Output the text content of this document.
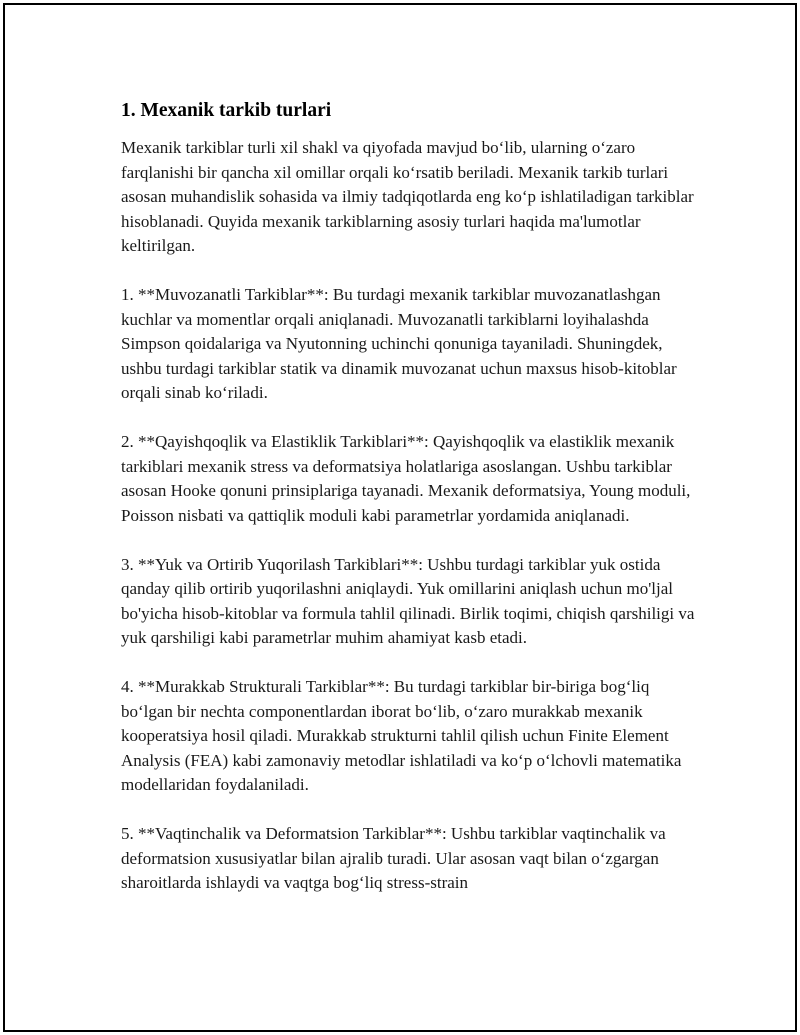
1. Mexanik tarkib turlari

Mexanik tarkiblar turli xil shakl va qiyofada mavjud bo‘lib, ularning o‘zaro farqlanishi bir qancha xil omillar orqali ko‘rsatib beriladi. Mexanik tarkib turlari asosan muhandislik sohasida va ilmiy tadqiqotlarda eng ko‘p ishlatiladigan tarkiblar hisoblanadi. Quyida mexanik tarkiblarning asosiy turlari haqida ma'lumotlar keltirilgan.

1. **Muvozanatli Tarkiblar**: Bu turdagi mexanik tarkiblar muvozanatlashgan kuchlar va momentlar orqali aniqlanadi. Muvozanatli tarkiblarni loyihalashda Simpson qoidalariga va Nyutonning uchinchi qonuniga tayaniladi. Shuningdek, ushbu turdagi tarkiblar statik va dinamik muvozanat uchun maxsus hisob-kitoblar orqali sinab ko‘riladi.

2. **Qayishqoqlik va Elastiklik Tarkiblari**: Qayishqoqlik va elastiklik mexanik tarkiblari mexanik stress va deformatsiya holatlariga asoslangan. Ushbu tarkiblar asosan Hooke qonuni prinsiplariga tayanadi. Mexanik deformatsiya, Young moduli, Poisson nisbati va qattiqlik moduli kabi parametrlar yordamida aniqlanadi.

3. **Yuk va Ortirib Yuqorilash Tarkiblari**: Ushbu turdagi tarkiblar yuk ostida qanday qilib ortirib yuqorilashni aniqlaydi. Yuk omillarini aniqlash uchun mo'ljal bo'yicha hisob-kitoblar va formula tahlil qilinadi. Birlik toqimi, chiqish qarshiligi va yuk qarshiligi kabi parametrlar muhim ahamiyat kasb etadi.

4. **Murakkab Strukturali Tarkiblar**: Bu turdagi tarkiblar bir-biriga bog‘liq bo‘lgan bir nechta componentlardan iborat bo‘lib, o‘zaro murakkab mexanik kooperatsiya hosil qiladi. Murakkab strukturni tahlil qilish uchun Finite Element Analysis (FEA) kabi zamonaviy metodlar ishlatiladi va ko‘p o‘lchovli matematika modellaridan foydalaniladi.

5. **Vaqtinchalik va Deformatsion Tarkiblar**: Ushbu tarkiblar vaqtinchalik va deformatsion xususiyatlar bilan ajralib turadi. Ular asosan vaqt bilan o‘zgargan sharoitlarda ishlaydi va vaqtga bog‘liq stress-strain
